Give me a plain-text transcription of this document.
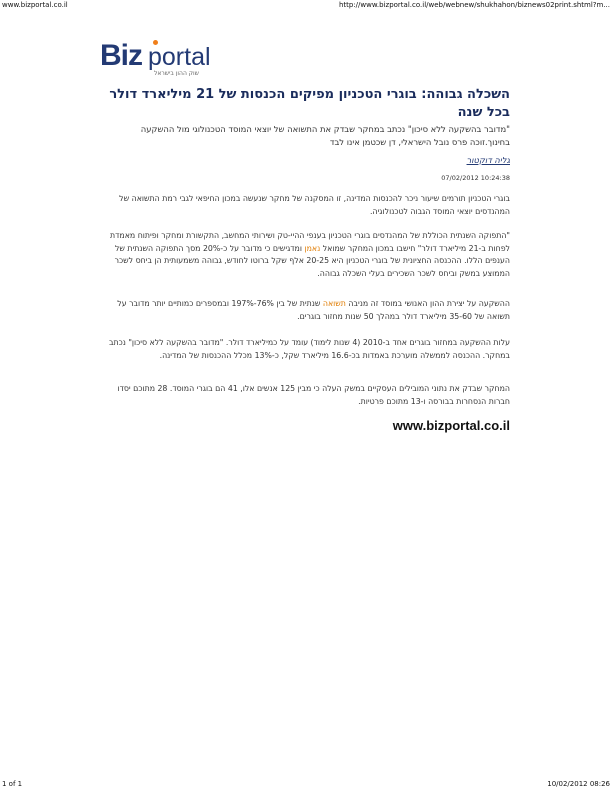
www.bizportal.co.il	http://www.bizportal.co.il/web/webnew/shukhahon/biznews02print.shtml?m...
Biz portal
שוק ההון בישראל
השכלה גבוהה: בוגרי הטכניון מפיקים הכנסות של 21 מיליארד דולר בכל שנה
"מדובר בהשקעה ללא סיכון" נכתב במחקר שבדק את התשואה של יוצאי המוסד הטכנולוגי מול ההשקעה בחינוך.זוכה פרס נובל הישראלי, דן שכטמן אינו לבד
גליה דוקטור
07/02/2012 10:24:38
בוגרי הטכניון תורמים שיעור ניכר להכנסות המדינה, זו המסקנה של מחקר שנעשה במכון החיפאי לגבי רמת התשואה של המהנדסים יוצאי המוסד הגבוה לטכנולוגיה.
"התפוקה השנתית הכוללת של המהנדסים בוגרי הטכניון בענפי ההיי-טק ושירותי המחשב, התקשורת ומחקר ופיתוח מאמדת לפחות ב-21 מיליארד דולר" חישבו במכון המחקר שמואל נאמן ומדגישים כי מדובר על כ-20% מסך התפוקה השנתית של הענפים הללו. ההכנסה החציונית של בוגרי הטכניון היא 20-25 אלף שקל ברוטו לחודש, גבוהה משמעותית הן ביחס לשכר הממוצע במשק וביחס לשכר השכירים בעלי השכלה גבוהה.
ההשקעה על יצירת ההון האנושי במוסד זה מניבה תשואה שנתית של בין 76%-197% ובמספרים כמותיים יותר מדובר על תשואה של 35-60 מיליארד דולר במהלך 50 שנות מחזור בוגרים.
עלות ההשקעה במחזור בוגרים אחד ב-2010 (4 שנות לימוד) עומד על כמיליארד דולר. "מדובר בהשקעה ללא סיכון" נכתב במחקר. ההכנסה לממשלה מוערכת באמדות בכ-16.6 מיליארד שקל, כ-13% מכלל ההכנסות של המדינה.
המחקר שבדק את נתוני המובילים העסקיים במשק העלה כי מבין 125 אנשים אלו, 41 הם בוגרי המוסד. 28 מתוכם יסדו חברות הנסחרות בבורסה ו-13 מתוכם פרטיות.
www.bizportal.co.il
1 of 1	10/02/2012 08:26
